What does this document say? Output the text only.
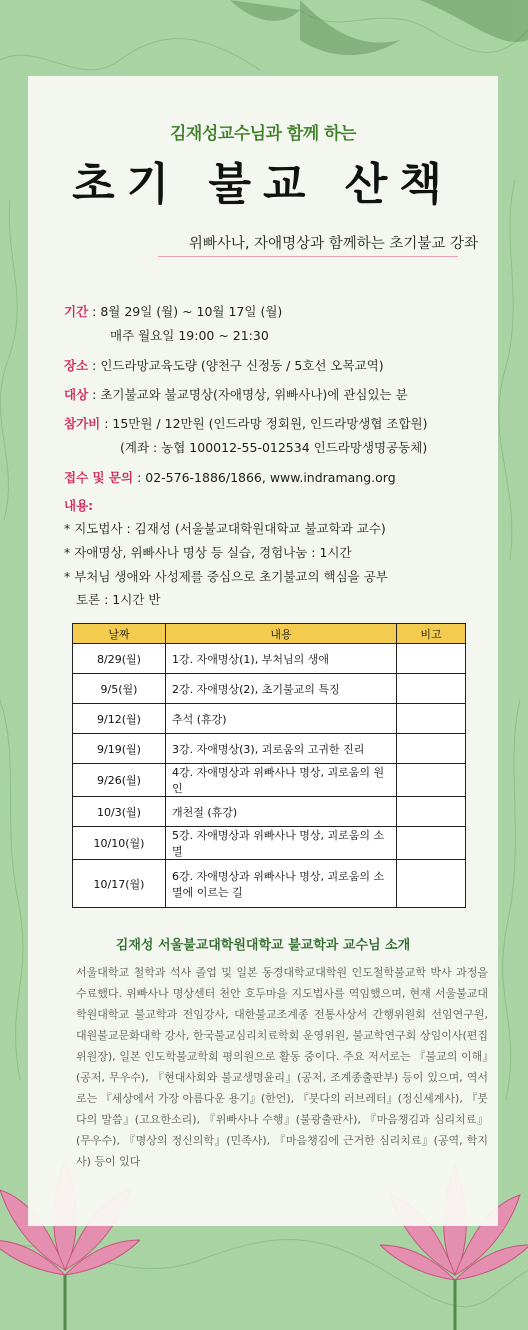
김재성교수님과 함께 하는
초기 불교 산책
위빠사나, 자애명상과 함께하는 초기불교 강좌
기간 : 8월 29일 (월) ~ 10월 17일 (월)
매주 월요일 19:00 ~ 21:30
장소 : 인드라망교육도량 (양천구 신정동 / 5호선 오목교역)
대상 : 초기불교와 불교명상(자애명상, 위빠사나)에 관심있는 분
참가비 : 15만원 / 12만원 (인드라망 정회원, 인드라망생협 조합원)
(계좌 : 농협 100012-55-012534 인드라망생명공동체)
접수 및 문의 : 02-576-1886/1866, www.indramang.org
내용:
* 지도법사 : 김재성 (서울불교대학원대학교 불교학과 교수)
* 자애명상, 위빠사나 명상 등 실습, 경험나눔 : 1시간
* 부처님 생애와 사성제를 중심으로 초기불교의 핵심을 공부
토론 : 1시간 반
날짜	내용	비고
8/29(월)	1강. 자애명상(1), 부처님의 생애	
9/5(월)	2강. 자애명상(2), 초기불교의 특징	
9/12(월)	추석 (휴강)	
9/19(월)	3강. 자애명상(3), 괴로움의 고귀한 진리	
9/26(월)	4강. 자애명상과 위빠사나 명상, 괴로움의 원인	
10/3(월)	개천절 (휴강)	
10/10(월)	5강. 자애명상과 위빠사나 명상, 괴로움의 소멸	
10/17(월)	6강. 자애명상과 위빠사나 명상, 괴로움의 소멸에 이르는 길	
김재성 서울불교대학원대학교 불교학과 교수님 소개
서울대학교 철학과 석사 졸업 및 일본 동경대학교대학원 인도철학불교학 박사 과정을 수료했다. 위빠사나 명상센터 천안 호두마을 지도법사를 역임했으며, 현재 서울불교대학원대학교 불교학과 전임강사, 대한불교조계종 전통사상서 간행위원회 선임연구원, 대원불교문화대학 강사, 한국불교심리치료학회 운영위원, 불교학연구회 상임이사(편집위원장), 일본 인도학불교학회 평의원으로 활동 중이다. 주요 저서로는 『불교의 이해』(공저, 무우수), 『현대사회와 불교생명윤리』(공저, 조계종출판부) 등이 있으며, 역서로는 『세상에서 가장 아름다운 용기』(한언), 『붓다의 러브레터』(정신세계사), 『붓다의 말씀』(고요한소리), 『위빠사나 수행』(불광출판사), 『마음챙김과 심리치료』(무우수), 『명상의 정신의학』(민족사), 『마음챙김에 근거한 심리치료』(공역, 학지사) 등이 있다
